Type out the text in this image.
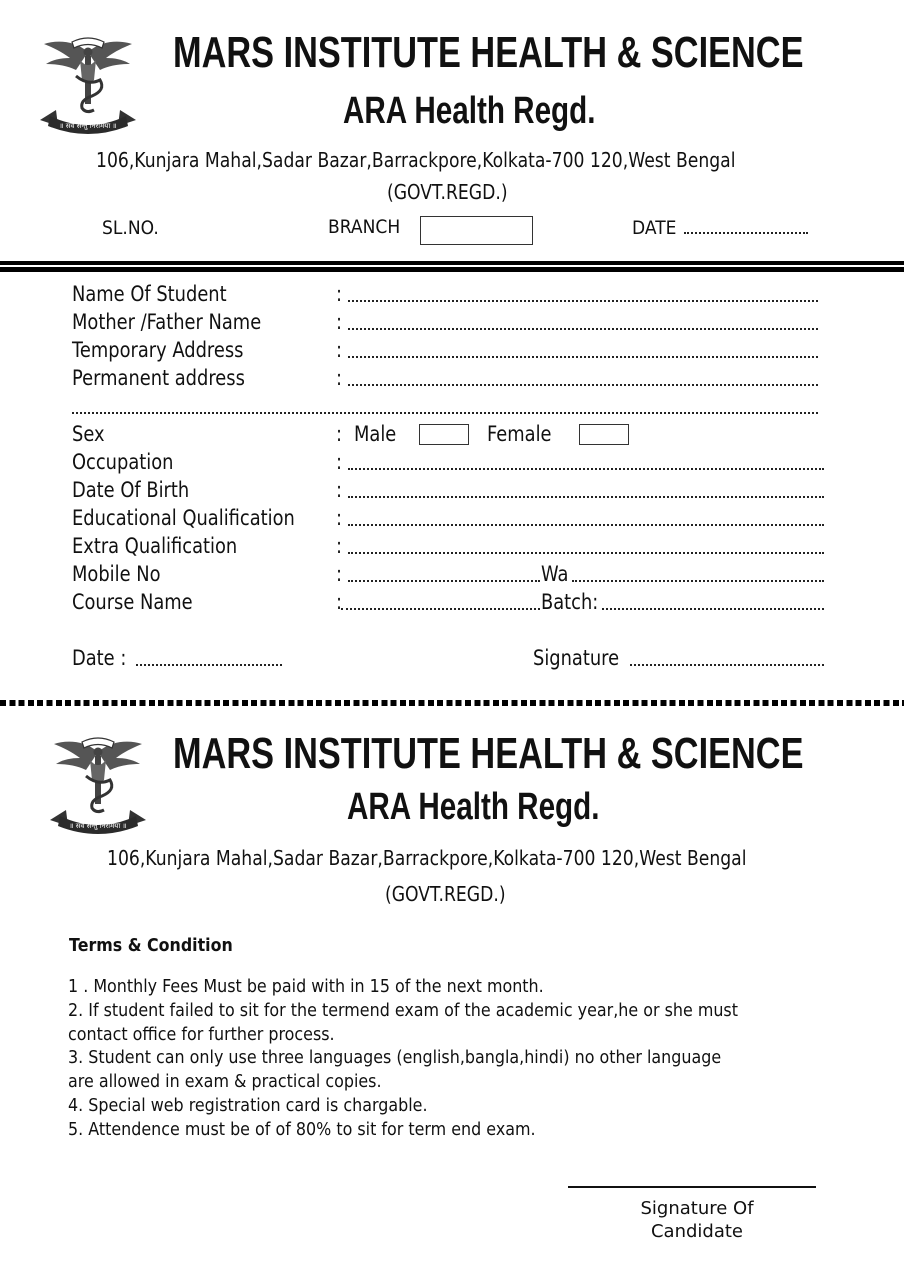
॥ सर्वे सन्तु निरामया ॥
MARS INSTITUTE HEALTH & SCIENCE
ARA Health Regd.
106,Kunjara Mahal,Sadar Bazar,Barrackpore,Kolkata-700 120,West Bengal
(GOVT.REGD.)
SL.NO.	BRANCH	DATE
Name Of Student	:
Mother /Father Name	:
Temporary Address	:
Permanent address	:
Sex	: Male	Female
Occupation	:
Date Of Birth	:
Educational Qualification :
Extra Qualification	:
Mobile No	:	Wa
Course Name	:	Batch:
Date :	Signature
॥ सर्वे सन्तु निरामया ॥
MARS INSTITUTE HEALTH & SCIENCE
ARA Health Regd.
106,Kunjara Mahal,Sadar Bazar,Barrackpore,Kolkata-700 120,West Bengal
(GOVT.REGD.)
Terms & Condition
1 . Monthly Fees Must be paid with in 15 of the next month.
2. If student failed to sit for the termend exam of the academic year,he or she must
contact office for further process.
3. Student can only use three languages (english,bangla,hindi) no other language
are allowed in exam & practical copies.
4. Special web registration card is chargable.
5. Attendence must be of of 80% to sit for term end exam.
Signature Of
Candidate
